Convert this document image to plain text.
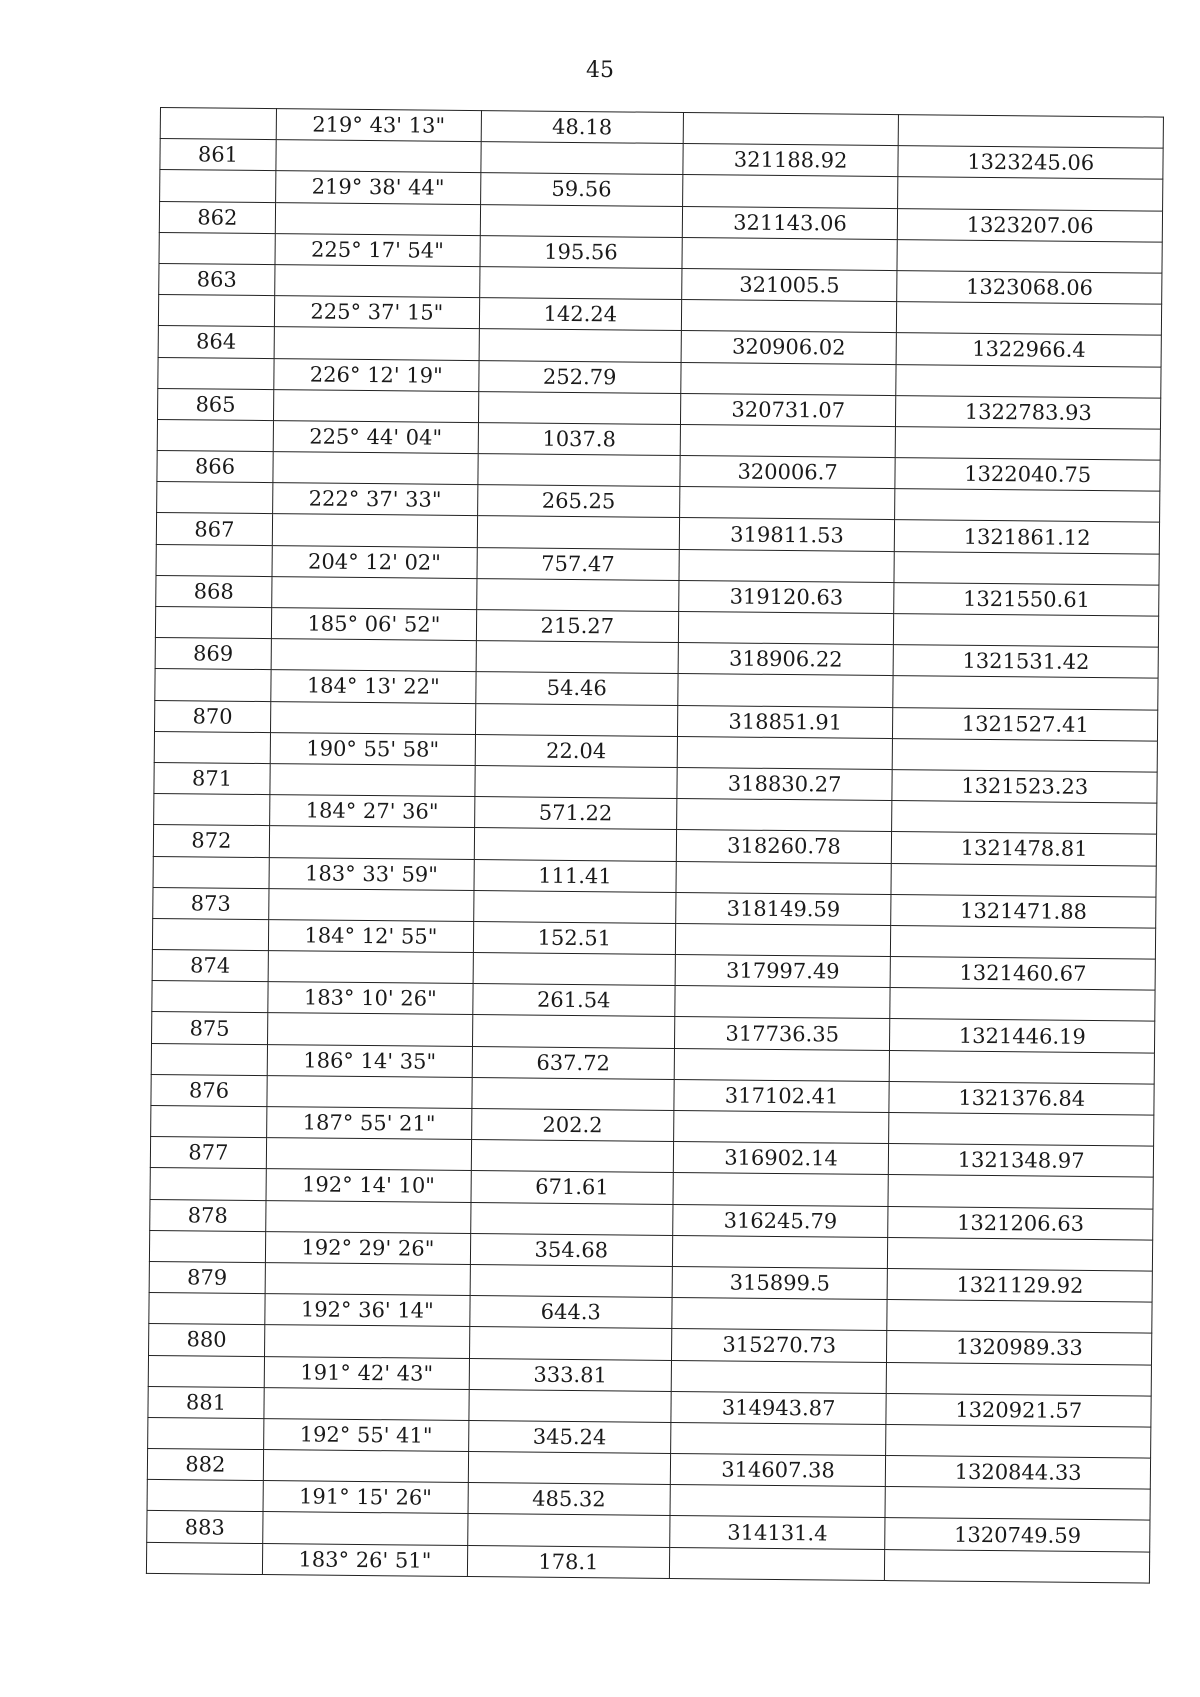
45
	219° 43' 13"	48.18		
861			321188.92	1323245.06
	219° 38' 44"	59.56		
862			321143.06	1323207.06
	225° 17' 54"	195.56		
863			321005.5	1323068.06
	225° 37' 15"	142.24		
864			320906.02	1322966.4
	226° 12' 19"	252.79		
865			320731.07	1322783.93
	225° 44' 04"	1037.8		
866			320006.7	1322040.75
	222° 37' 33"	265.25		
867			319811.53	1321861.12
	204° 12' 02"	757.47		
868			319120.63	1321550.61
	185° 06' 52"	215.27		
869			318906.22	1321531.42
	184° 13' 22"	54.46		
870			318851.91	1321527.41
	190° 55' 58"	22.04		
871			318830.27	1321523.23
	184° 27' 36"	571.22		
872			318260.78	1321478.81
	183° 33' 59"	111.41		
873			318149.59	1321471.88
	184° 12' 55"	152.51		
874			317997.49	1321460.67
	183° 10' 26"	261.54		
875			317736.35	1321446.19
	186° 14' 35"	637.72		
876			317102.41	1321376.84
	187° 55' 21"	202.2		
877			316902.14	1321348.97
	192° 14' 10"	671.61		
878			316245.79	1321206.63
	192° 29' 26"	354.68		
879			315899.5	1321129.92
	192° 36' 14"	644.3		
880			315270.73	1320989.33
	191° 42' 43"	333.81		
881			314943.87	1320921.57
	192° 55' 41"	345.24		
882			314607.38	1320844.33
	191° 15' 26"	485.32		
883			314131.4	1320749.59
	183° 26' 51"	178.1		
